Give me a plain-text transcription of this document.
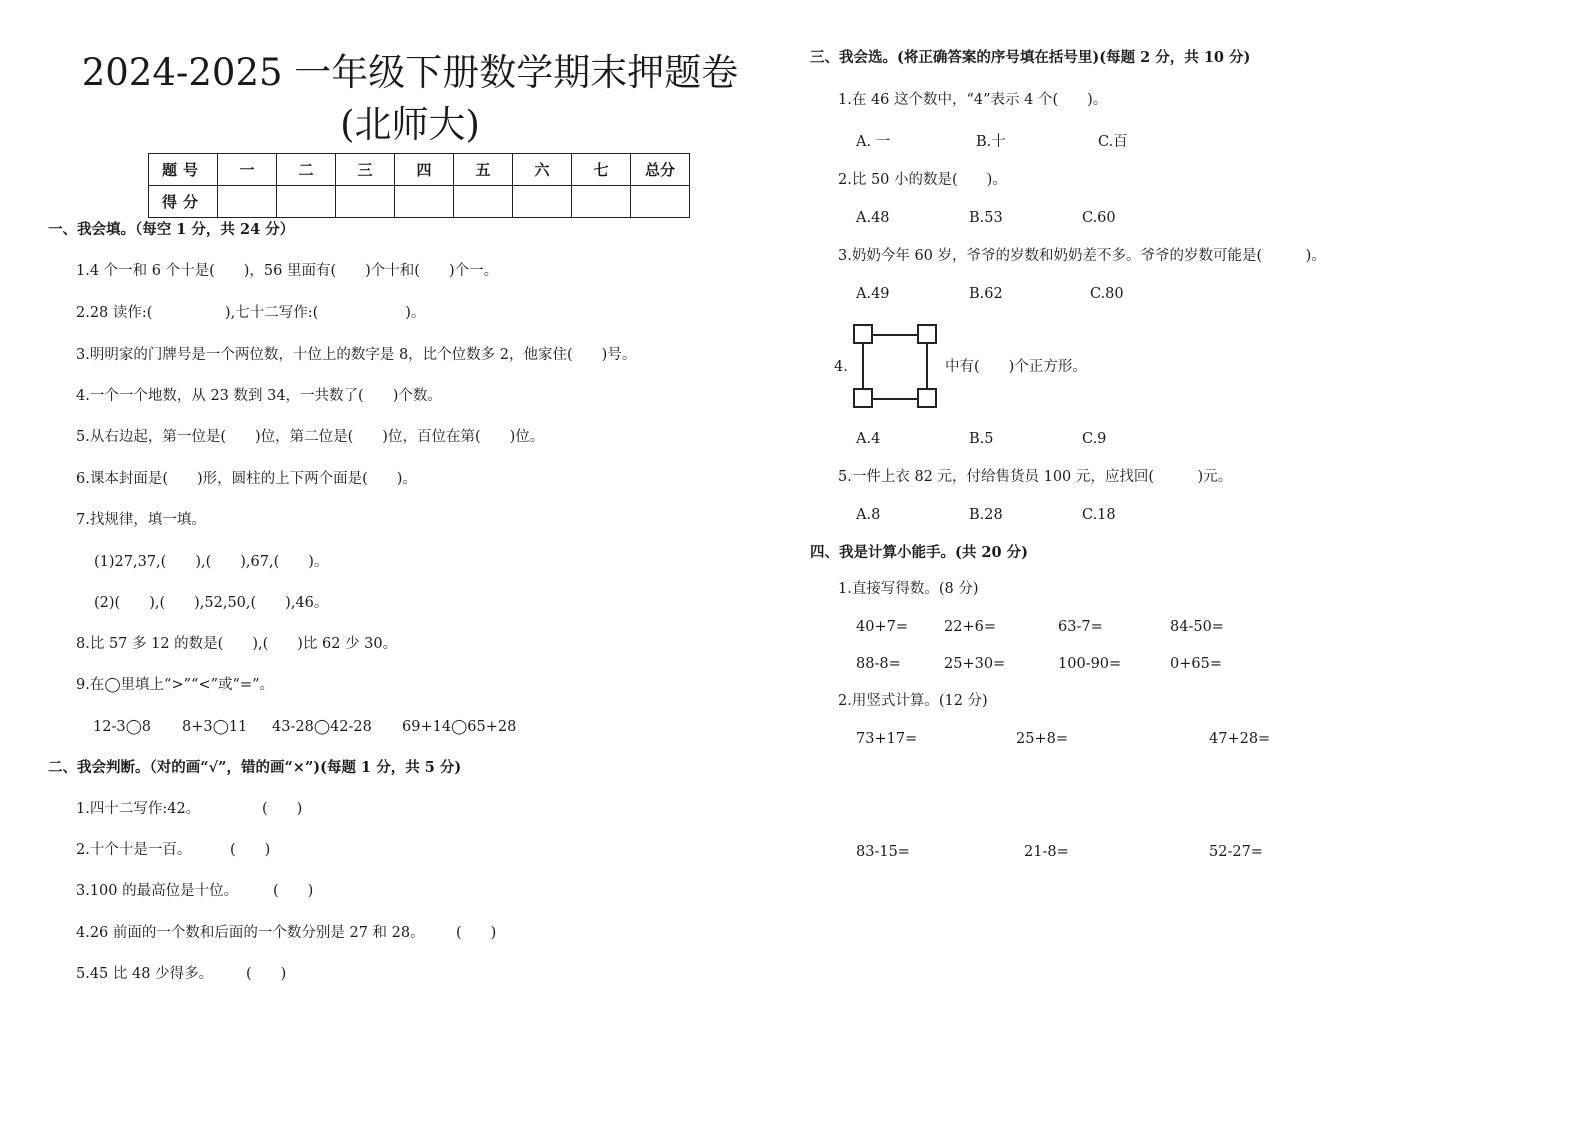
2024-2025 一年级下册数学期末押题卷
(北师大)
题号	一	二	三	四	五	六	七	总分
得分								
一、我会填。（每空 1 分，共 24 分）
1.4 个一和 6 个十是(　　)，56 里面有(　　)个十和(　　)个一。
2.28 读作:(　　　　　),七十二写作:(　　　　　　)。
3.明明家的门牌号是一个两位数，十位上的数字是 8，比个位数多 2，他家住(　　)号。
4.一个一个地数，从 23 数到 34，一共数了(　　)个数。
5.从右边起，第一位是(　　)位，第二位是(　　)位，百位在第(　　)位。
6.课本封面是(　　)形，圆柱的上下两个面是(　　)。
7.找规律，填一填。
(1)27,37,(　　),(　　),67,(　　)。
(2)(　　),(　　),52,50,(　　),46。
8.比 57 多 12 的数是(　　),(　　)比 62 少 30。
9.在◯里填上“>”“<”或“=”。
12-3◯8 8+3◯11 43-28◯42-28 69+14◯65+28
二、我会判断。（对的画“√”，错的画“×”)(每题 1 分，共 5 分)
1.四十二写作:42。	(　　)
2.十个十是一百。	(　　)
3.100 的最高位是十位。 (　　)
4.26 前面的一个数和后面的一个数分别是 27 和 28。 (　　)
5.45 比 48 少得多。 (　　)
三、我会选。(将正确答案的序号填在括号里)(每题 2 分，共 10 分)
1.在 46 这个数中，“4”表示 4 个(　　)。
A. 一	B.十	C.百
2.比 50 小的数是(　　)。
A.48	B.53	C.60
3.奶奶今年 60 岁，爷爷的岁数和奶奶差不多。爷爷的岁数可能是(　　　)。
A.49	B.62	C.80
4.	中有(　　)个正方形。
A.4	B.5	C.9
5.一件上衣 82 元，付给售货员 100 元，应找回(　　　)元。
A.8	B.28	C.18
四、我是计算小能手。(共 20 分)
1.直接写得数。(8 分)
40+7= 22+6=	63-7=	84-50=
88-8=	25+30=	100-90=	0+65=
2.用竖式计算。(12 分)
73+17=	25+8=	47+28=
83-15=	21-8=	52-27=
